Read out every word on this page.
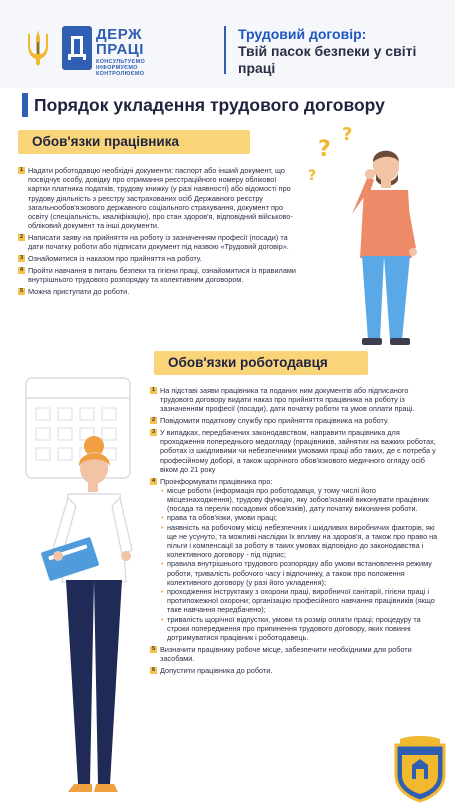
ДЕРЖ
ПРАЦІ
КОНСУЛЬТУЄМО
ІНФОРМУЄМО
КОНТРОЛЮЄМО
Трудовий договір:
Твій пасок безпеки у світі праці
Порядок укладення трудового договору
Обов'язки працівника
1 Надати роботодавцю необхідні документи: паспорт або інший документ, що посвідчує особу, довідку про отримання реєстраційного номеру облікової картки платника податків, трудову книжку (у разі наявності) або відомості про трудову діяльність з реєстру застрахованих осіб Державного реєстру загальнообов'язкового державного соціального страхування, документ про освіту (спеціальність, кваліфікацію), про стан здоров'я, відповідний військово-обліковий документ та інші документи.
2 Написати заяву на прийняття на роботу із зазначенням професії (посади) та дати початку роботи або підписати документ під назвою «Трудовий договір».
3 Ознайомитися із наказом про прийняття на роботу.
4 Пройти навчання в питань безпеки та гігієни праці, ознайомитися із правилами внутрішнього трудового розпорядку та колективним договором.
5 Можна приступати до роботи.
?
?
?
Обов'язки роботодавця
1 На підставі заяви працівника та поданих ним документів або підписаного трудового договору видати наказ про прийняття працівника на роботу із зазначенням професії (посади), дати початку роботи та умов оплати праці.
2 Повідомити податкову службу про прийняття працівника на роботу.
3 У випадках, передбачених законодавством, направити працівника для проходження попереднього медогляду (працівників, зайнятих на важких роботах, роботах із шкідливими чи небезпечними умовами праці або таких, де є потреба у професійному доборі, а також щорічного обов'язкового медичного огляду осіб віком до 21 року
4 Проінформувати працівника про:
• місце роботи (інформація про роботодавця, у тому числі його місцезнаходження), трудову функцію, яку зобов'язаний виконувати працівник (посада та перелік посадових обов'язків), дату початку виконання роботи.
• права та обов'язки, умови праці;
• наявність на робочому місці небезпечних і шкідливих виробничих факторів, які ще не усунуто, та можливі наслідки їх впливу на здоров'я, а також про право на пільги і компенсації за роботу в таких умовах відповідно до законодавства і колективного договору - під підпис;
• правила внутрішнього трудового розпорядку або умови встановлення режиму роботи, тривалість робочого часу і відпочинку, а також про положення колективного договору (у разі його укладення);
• проходження інструктажу з охорони праці, виробничої санітарії, гігієни праці і протипожежної охорони; організацію професійного навчання працівників (якщо таке навчання передбачено);
• тривалість щорічної відпустки, умови та розмір оплати праці; процедуру та строки попередження про припинення трудового договору, яких повинні дотримуватися працівник і роботодавець.
5 Визначити працівнику робоче місце, забезпечити необхідними для роботи засобами.
6 Допустити працівника до роботи.
